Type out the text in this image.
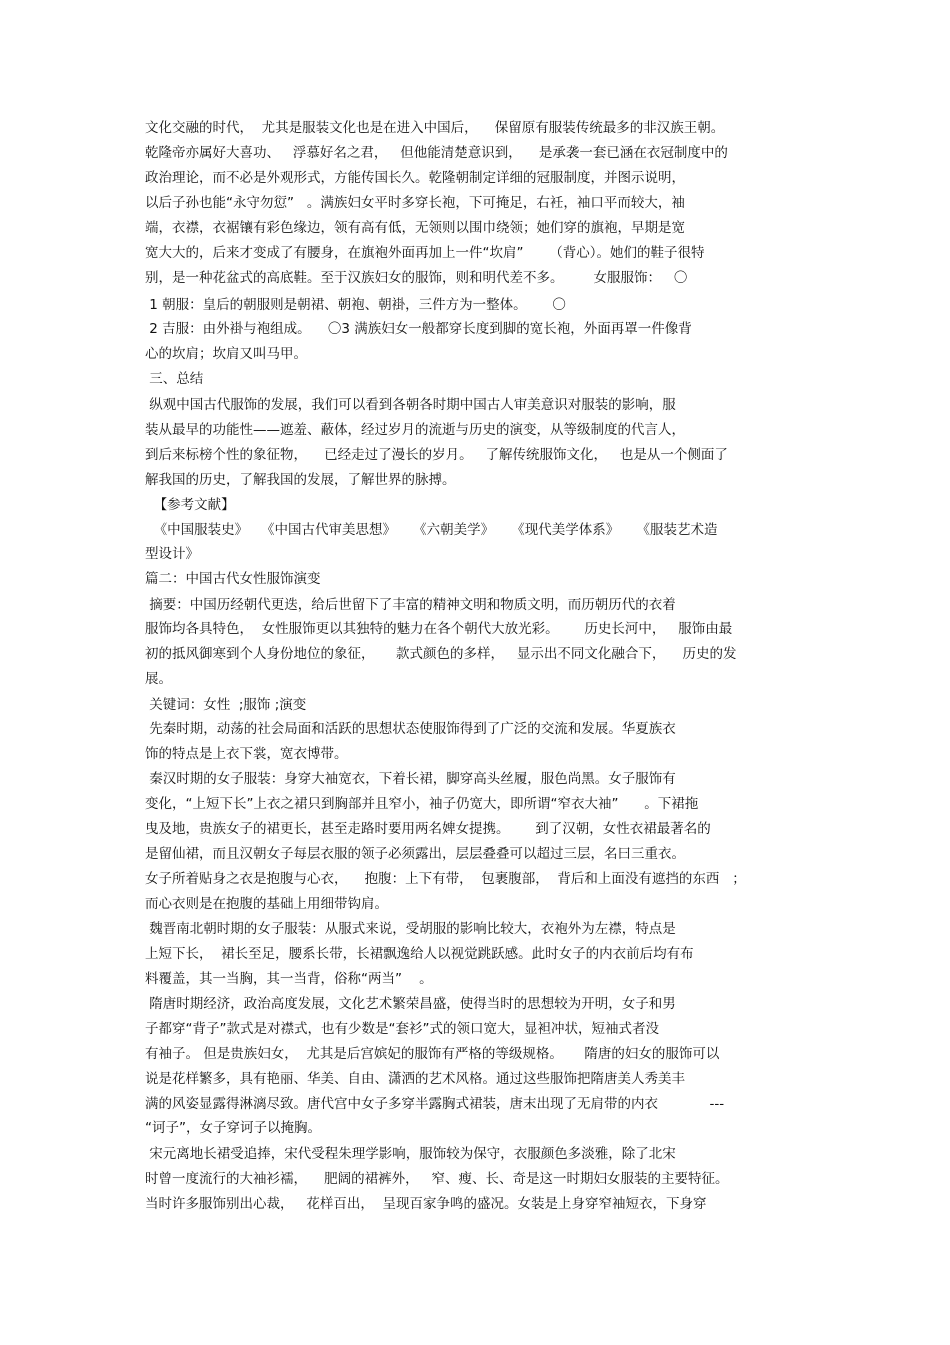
文化交融的时代，  尤其是服装文化也是在进入中国后，    保留原有服装传统最多的非汉族王朝。
乾隆帝亦属好大喜功、   浮慕好名之君，   但他能清楚意识到，    是承袭一套已涵在衣冠制度中的
政治理论，而不必是外观形式，方能传国长久。乾隆朝制定详细的冠服制度，并图示说明，
以后子孙也能“永守勿愆”   。满族妇女平时多穿长袍，下可掩足，右衽，袖口平而较大，袖
端，衣襟，衣裾镶有彩色缘边，领有高有低，无领则以围巾绕领；她们穿的旗袍，早期是宽
宽大大的，后来才变成了有腰身，在旗袍外面再加上一件“坎肩”      （背心）。她们的鞋子很特
别，是一种花盆式的高底鞋。至于汉族妇女的服饰，则和明代差不多。       女服服饰：   〇
1 朝服：皇后的朝服则是朝裙、朝袍、朝褂，三件方为一整体。      〇
2 吉服：由外褂与袍组成。    〇3 满族妇女一般都穿长度到脚的宽长袍，外面再罩一件像背
心的坎肩；坎肩又叫马甲。
三、总结
纵观中国古代服饰的发展，我们可以看到各朝各时期中国古人审美意识对服装的影响，服
装从最早的功能性——遮羞、蔽体，经过岁月的流逝与历史的演变，从等级制度的代言人，
到后来标榜个性的象征物，    已经走过了漫长的岁月。   了解传统服饰文化，   也是从一个侧面了
解我国的历史，了解我国的发展，了解世界的脉搏。
【参考文献】
《中国服装史》   《中国古代审美思想》    《六朝美学》    《现代美学体系》    《服装艺术造
型设计》
篇二：中国古代女性服饰演变
摘要：中国历经朝代更迭，给后世留下了丰富的精神文明和物质文明，而历朝历代的衣着
服饰均各具特色，  女性服饰更以其独特的魅力在各个朝代大放光彩。      历史长河中，   服饰由最
初的抵风御寒到个人身份地位的象征，     款式颜色的多样，   显示出不同文化融合下，    历史的发
展。
关键词：女性  ;服饰 ;演变
先秦时期，动荡的社会局面和活跃的思想状态使服饰得到了广泛的交流和发展。华夏族衣
饰的特点是上衣下裳，宽衣博带。
秦汉时期的女子服装：身穿大袖宽衣，下着长裙，脚穿高头丝履，服色尚黑。女子服饰有
变化，“上短下长”上衣之裙只到胸部并且窄小，袖子仍宽大，即所谓“窄衣大袖”      。下裙拖
曳及地，贵族女子的裙更长，甚至走路时要用两名婢女提携。      到了汉朝，女性衣裙最著名的
是留仙裙，而且汉朝女子每层衣服的领子必须露出，层层叠叠可以超过三层，名曰三重衣。
女子所着贴身之衣是抱腹与心衣，    抱腹：上下有带，  包裹腹部，  背后和上面没有遮挡的东西   ；
而心衣则是在抱腹的基础上用细带钩肩。
魏晋南北朝时期的女子服装：从服式来说，受胡服的影响比较大，衣袍外为左襟，特点是
上短下长，  裙长至足，腰系长带，长裙飘逸给人以视觉跳跃感。此时女子的内衣前后均有布
料覆盖，其一当胸，其一当背，俗称“两当”    。
隋唐时期经济，政治高度发展，文化艺术繁荣昌盛，使得当时的思想较为开明，女子和男
子都穿“背子”款式是对襟式，也有少数是“套衫”式的领口宽大，显袒冲状，短袖式者没
有袖子。 但是贵族妇女，  尤其是后宫嫔妃的服饰有严格的等级规格。     隋唐的妇女的服饰可以
说是花样繁多，具有艳丽、华美、自由、潇洒的艺术风格。通过这些服饰把隋唐美人秀美丰
满的风姿显露得淋漓尽致。唐代宫中女子多穿半露胸式裙装，唐末出现了无肩带的内衣            ---
“诃子”，女子穿诃子以掩胸。
宋元离地长裙受追捧，宋代受程朱理学影响，服饰较为保守，衣服颜色多淡雅，除了北宋
时曾一度流行的大袖衫襦，    肥阔的裙裤外，   窄、瘦、长、奇是这一时期妇女服装的主要特征。
当时许多服饰别出心裁，   花样百出，  呈现百家争鸣的盛况。女装是上身穿窄袖短衣，下身穿
